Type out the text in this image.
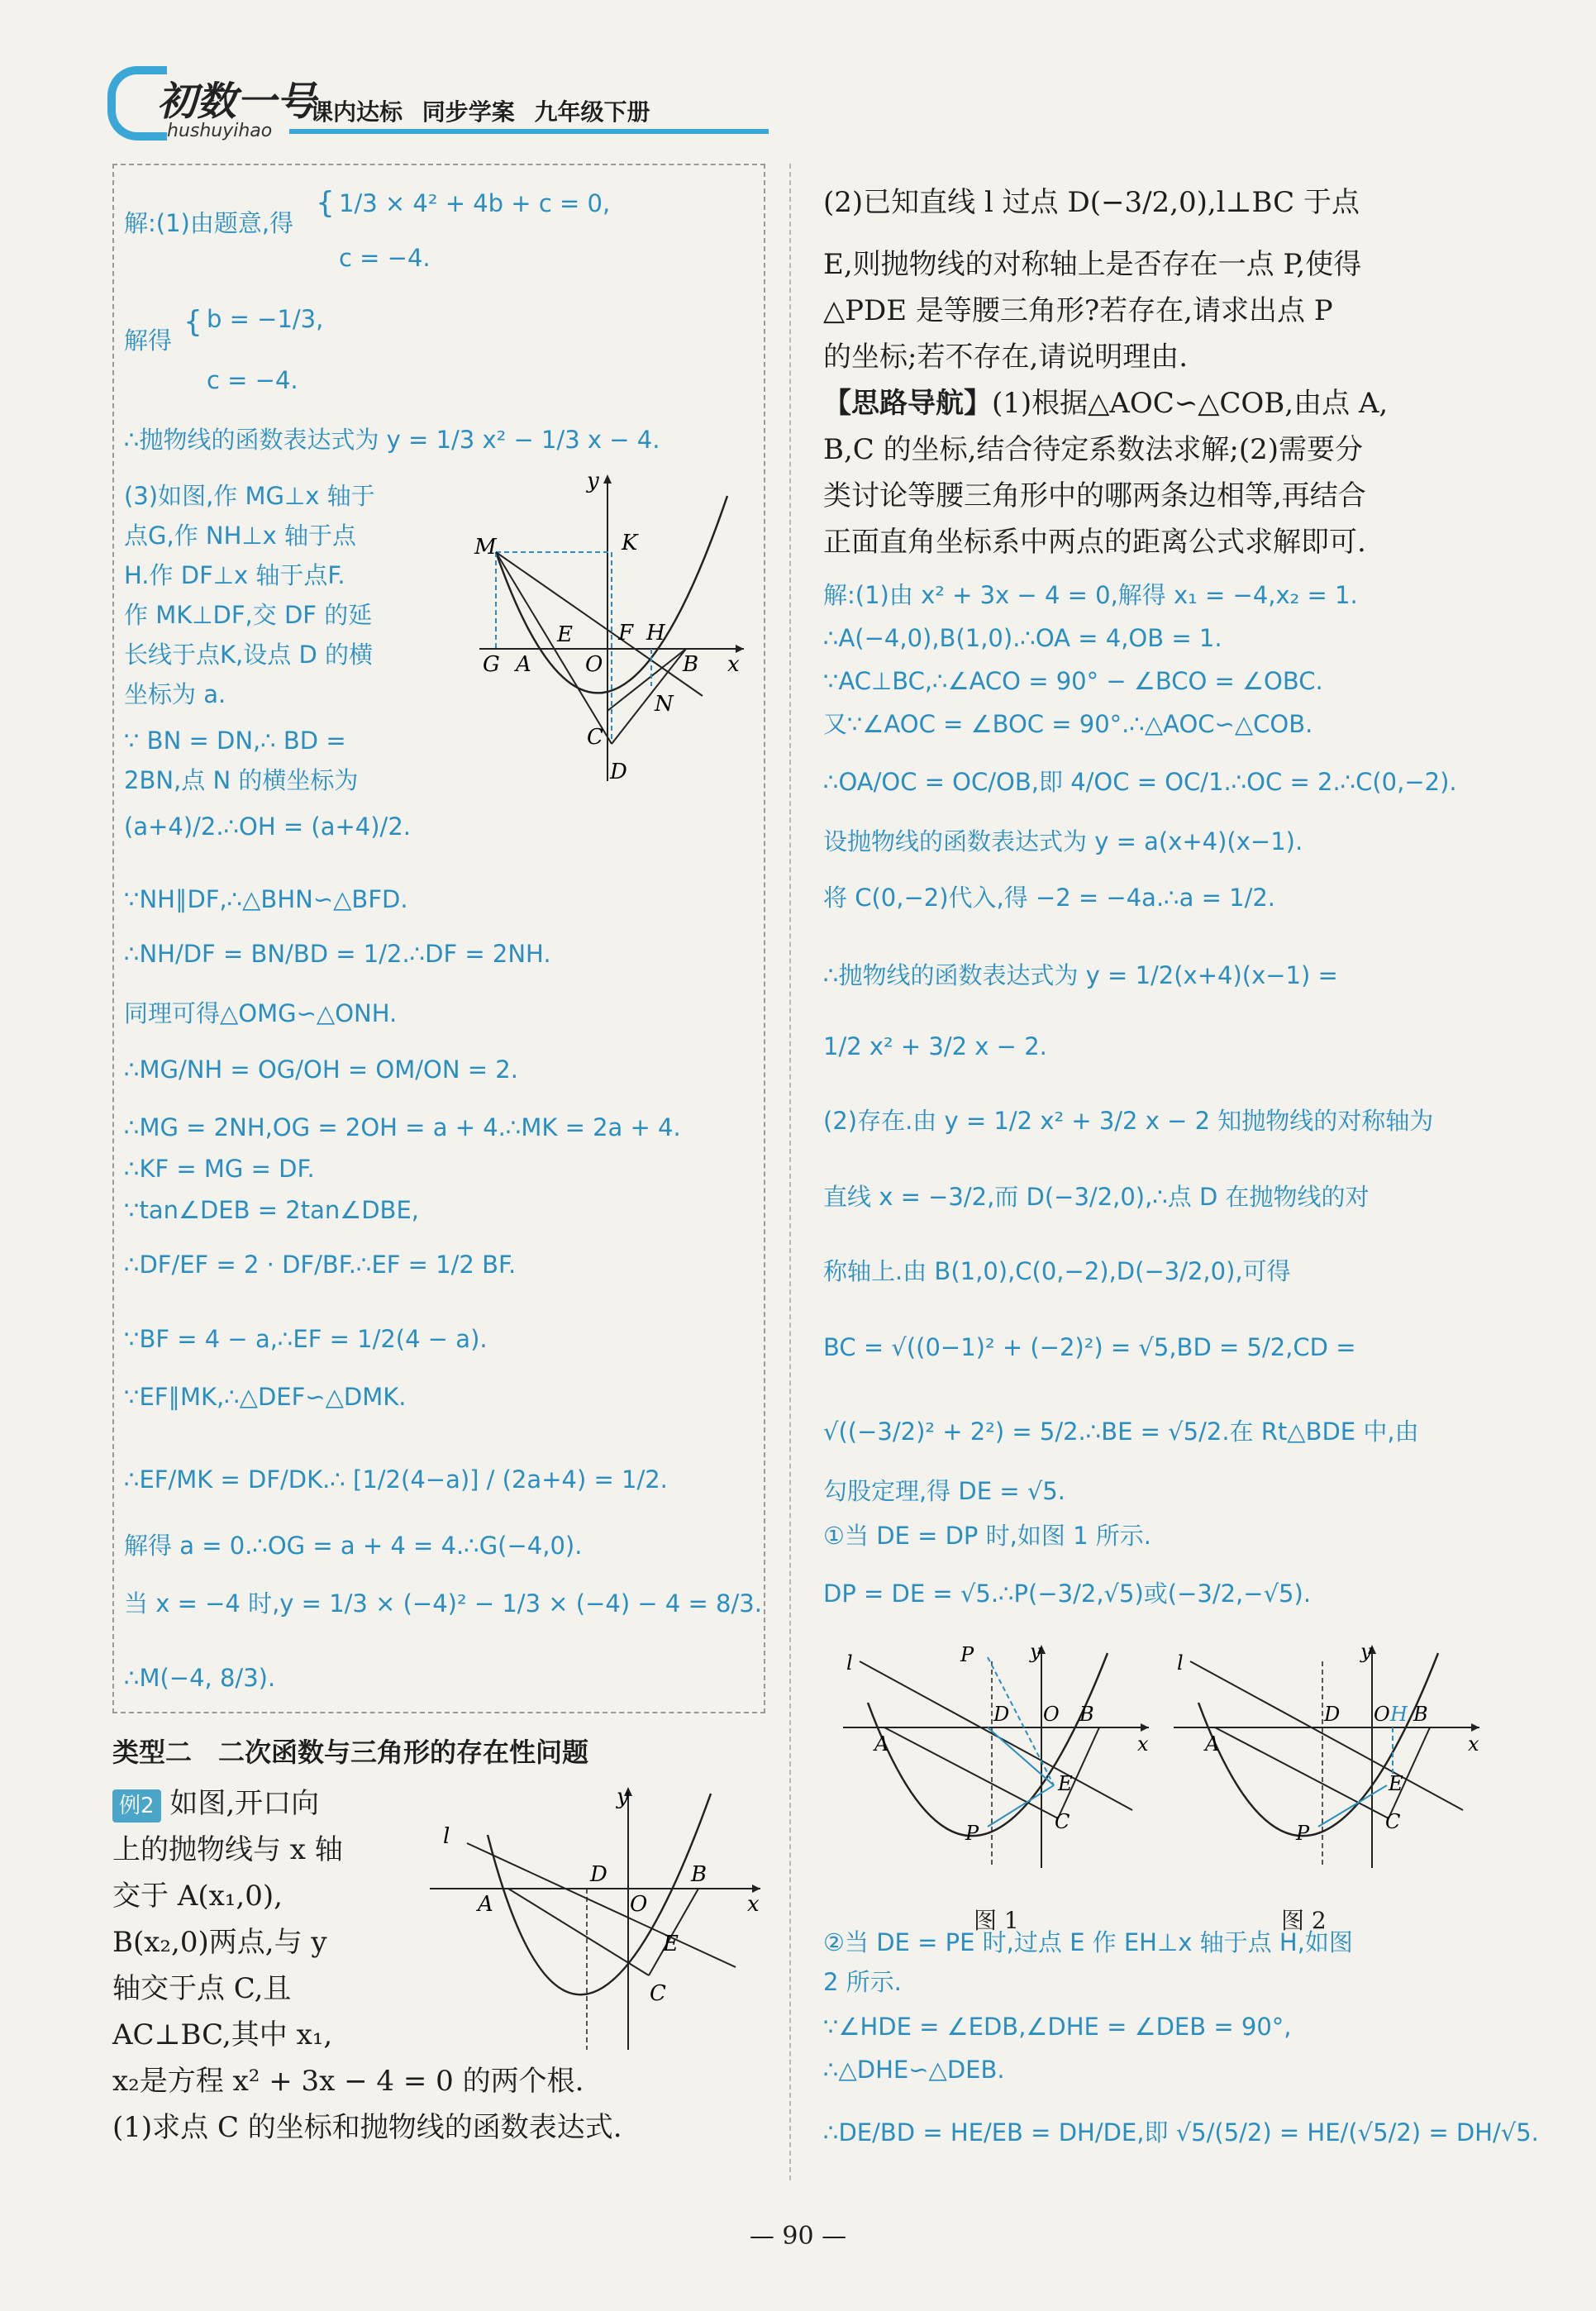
初数一号
hushuyihao
课内达标 同步学案 九年级下册
解:(1)由题意,得
{ 1/3 × 4² + 4b + c = 0,
c = −4.
解得
{ b = −1/3,
c = −4.
∴抛物线的函数表达式为 y = 1/3 x² − 1/3 x − 4.
(3)如图,作 MG⊥x 轴于
点G,作 NH⊥x 轴于点
H.作 DF⊥x 轴于点F.
作 MK⊥DF,交 DF 的延
长线于点K,设点 D 的横
坐标为 a.
∵ BN = DN,∴ BD =
2BN,点 N 的横坐标为
y
M	K
E F H
G A	O	B x
N
C
D
(a+4)/2.∴OH = (a+4)/2.
∵NH∥DF,∴△BHN∽△BFD.
∴NH/DF = BN/BD = 1/2.∴DF = 2NH.
同理可得△OMG∽△ONH.
∴MG/NH = OG/OH = OM/ON = 2.
∴MG = 2NH,OG = 2OH = a + 4.∴MK = 2a + 4.
∴KF = MG = DF.
∵tan∠DEB = 2tan∠DBE,
∴DF/EF = 2 · DF/BF.∴EF = 1/2 BF.
∵BF = 4 − a,∴EF = 1/2(4 − a).
∵EF∥MK,∴△DEF∽△DMK.
∴EF/MK = DF/DK.∴ [1/2(4−a)] / (2a+4) = 1/2.
解得 a = 0.∴OG = a + 4 = 4.∴G(−4,0).
当 x = −4 时,y = 1/3 × (−4)² − 1/3 × (−4) − 4 = 8/3.
∴M(−4, 8/3).
类型二　二次函数与三角形的存在性问题
例2 如图,开口向
上的抛物线与 x 轴
交于 A(x₁,0),
B(x₂,0)两点,与 y
轴交于点 C,且
AC⊥BC,其中 x₁,
x₂是方程 x² + 3x − 4 = 0 的两个根.
(1)求点 C 的坐标和抛物线的函数表达式.
y
l
D	B
A	O	x
E
C
(2)已知直线 l 过点 D(−3/2,0),l⊥BC 于点
E,则抛物线的对称轴上是否存在一点 P,使得
△PDE 是等腰三角形?若存在,请求出点 P
的坐标;若不存在,请说明理由.
【思路导航】(1)根据△AOC∽△COB,由点 A,
B,C 的坐标,结合待定系数法求解;(2)需要分
类讨论等腰三角形中的哪两条边相等,再结合
正面直角坐标系中两点的距离公式求解即可.
解:(1)由 x² + 3x − 4 = 0,解得 x₁ = −4,x₂ = 1.
∴A(−4,0),B(1,0).∴OA = 4,OB = 1.
∵AC⊥BC,∴∠ACO = 90° − ∠BCO = ∠OBC.
又∵∠AOC = ∠BOC = 90°.∴△AOC∽△COB.
∴OA/OC = OC/OB,即 4/OC = OC/1.∴OC = 2.∴C(0,−2).
设抛物线的函数表达式为 y = a(x+4)(x−1).
将 C(0,−2)代入,得 −2 = −4a.∴a = 1/2.
∴抛物线的函数表达式为 y = 1/2(x+4)(x−1) =
1/2 x² + 3/2 x − 2.
(2)存在.由 y = 1/2 x² + 3/2 x − 2 知抛物线的对称轴为
直线 x = −3/2,而 D(−3/2,0),∴点 D 在抛物线的对
称轴上.由 B(1,0),C(0,−2),D(−3/2,0),可得
BC = √((0−1)² + (−2)²) = √5,BD = 5/2,CD =
√((−3/2)² + 2²) = 5/2.∴BE = √5/2.在 Rt△BDE 中,由
勾股定理,得 DE = √5.
①当 DE = DP 时,如图 1 所示.
DP = DE = √5.∴P(−3/2,√5)或(−3/2,−√5).
y
P
l
D O B
A	x
E
C
P
图 1
y
P
l
D O H B
A	x
E
C
图 2
②当 DE = PE 时,过点 E 作 EH⊥x 轴于点 H,如图
2 所示.
∵∠HDE = ∠EDB,∠DHE = ∠DEB = 90°,
∴△DHE∽△DEB.
∴DE/BD = HE/EB = DH/DE,即 √5/(5/2) = HE/(√5/2) = DH/√5.
— 90 —
